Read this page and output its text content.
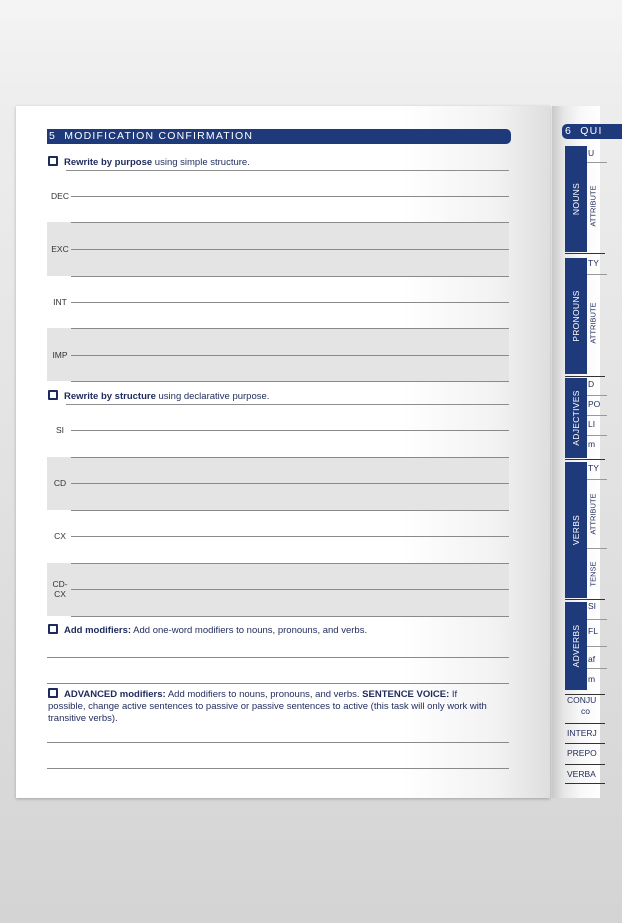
5 MODIFICATION CONFIRMATION
Rewrite by purpose using simple structure.
DEC
EXC
INT
IMP
Rewrite by structure using declarative purpose.
SI
CD
CX
CD-
CX
Add modifiers: Add one-word modifiers to nouns, pronouns, and verbs.
ADVANCED modifiers: Add modifiers to nouns, pronouns, and verbs. SENTENCE VOICE: If possible, change active sentences to passive or passive sentences to active (this task will only work with transitive verbs).
6 QUI
NOUNS
U
ATTRIBUTE
PRONOUNS
TY
ATTRIBUTE
ADJECTIVES
D
PO
LI
m
VERBS
TY
ATTRIBUTE
TENSE
ADVERBS
SI
FL
af
m
CONJU
co
INTERJ
PREPO
VERBA
